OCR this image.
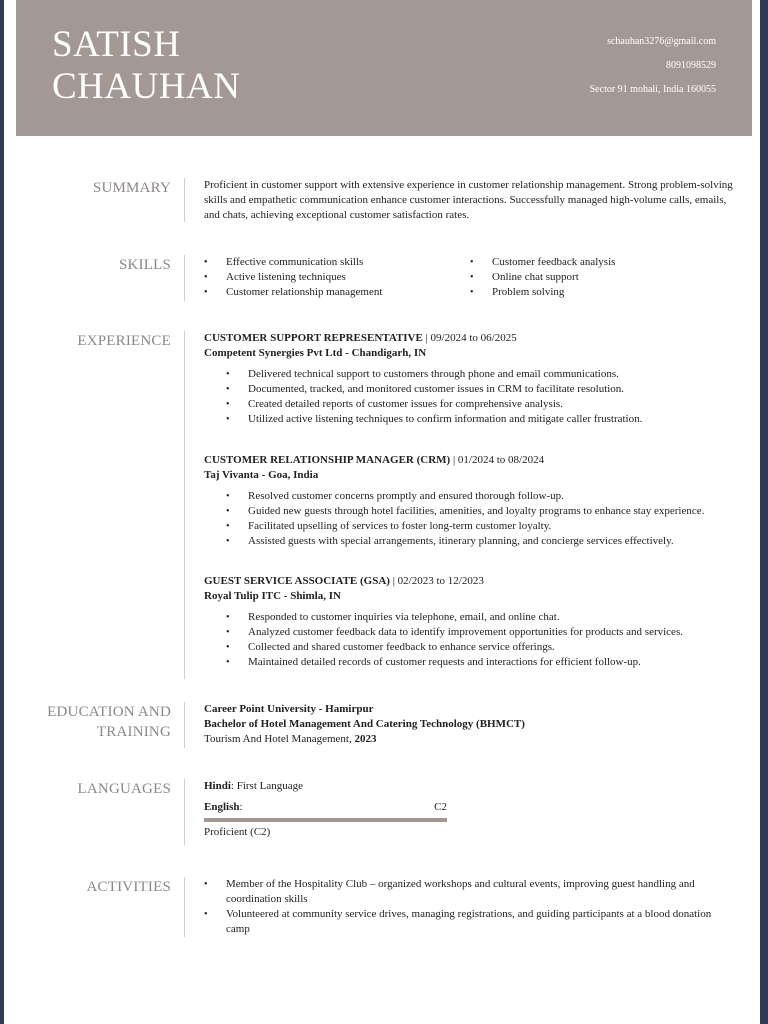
SATISH
CHAUHAN
schauhan3276@gmail.com
8091098529
Sector 91 mohali, India 160055
SUMMARY	Proficient in customer support with extensive experience in customer relationship management. Strong problem-solving skills and empathetic communication enhance customer interactions. Successfully managed high-volume calls, emails, and chats, achieving exceptional customer satisfaction rates.
SKILLS	• Effective communication skills
• Active listening techniques
• Customer relationship management
• Customer feedback analysis
• Online chat support
• Problem solving
EXPERIENCE	CUSTOMER SUPPORT REPRESENTATIVE | 09/2024 to 06/2025
Competent Synergies Pvt Ltd - Chandigarh, IN
• Delivered technical support to customers through phone and email communications.
• Documented, tracked, and monitored customer issues in CRM to facilitate resolution.
• Created detailed reports of customer issues for comprehensive analysis.
• Utilized active listening techniques to confirm information and mitigate caller frustration.
CUSTOMER RELATIONSHIP MANAGER (CRM) | 01/2024 to 08/2024
Taj Vivanta - Goa, India
• Resolved customer concerns promptly and ensured thorough follow-up.
• Guided new guests through hotel facilities, amenities, and loyalty programs to enhance stay experience.
• Facilitated upselling of services to foster long-term customer loyalty.
• Assisted guests with special arrangements, itinerary planning, and concierge services effectively.
GUEST SERVICE ASSOCIATE (GSA) | 02/2023 to 12/2023
Royal Tulip ITC - Shimla, IN
• Responded to customer inquiries via telephone, email, and online chat.
• Analyzed customer feedback data to identify improvement opportunities for products and services.
• Collected and shared customer feedback to enhance service offerings.
• Maintained detailed records of customer requests and interactions for efficient follow-up.
EDUCATION AND
TRAINING
Career Point University - Hamirpur
Bachelor of Hotel Management And Catering Technology (BHMCT)
Tourism And Hotel Management, 2023
LANGUAGES	Hindi: First Language
English:	C2
Proficient (C2)
ACTIVITIES	• Member of the Hospitality Club – organized workshops and cultural events, improving guest handling and coordination skills
• Volunteered at community service drives, managing registrations, and guiding participants at a blood donation camp
